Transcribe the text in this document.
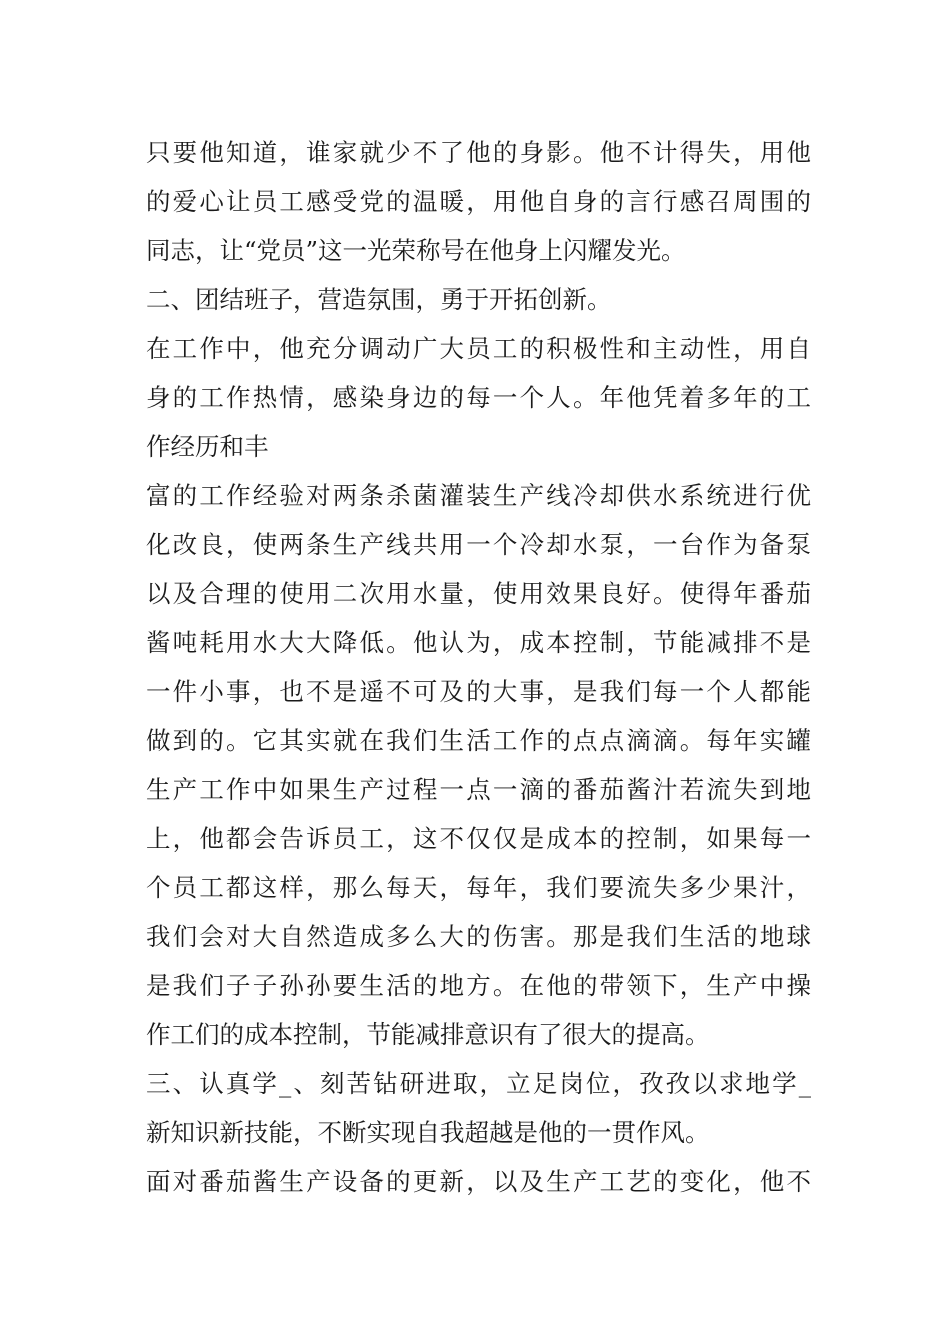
只要他知道，谁家就少不了他的身影。他不计得失，用他
的爱心让员工感受党的温暖，用他自身的言行感召周围的
同志，让“党员”这一光荣称号在他身上闪耀发光。
二、团结班子，营造氛围，勇于开拓创新。
在工作中，他充分调动广大员工的积极性和主动性，用自
身的工作热情，感染身边的每一个人。年他凭着多年的工
作经历和丰
富的工作经验对两条杀菌灌装生产线冷却供水系统进行优
化改良，使两条生产线共用一个冷却水泵，一台作为备泵
以及合理的使用二次用水量，使用效果良好。使得年番茄
酱吨耗用水大大降低。他认为，成本控制，节能减排不是
一件小事，也不是遥不可及的大事，是我们每一个人都能
做到的。它其实就在我们生活工作的点点滴滴。每年实罐
生产工作中如果生产过程一点一滴的番茄酱汁若流失到地
上，他都会告诉员工，这不仅仅是成本的控制，如果每一
个员工都这样，那么每天，每年，我们要流失多少果汁，
我们会对大自然造成多么大的伤害。那是我们生活的地球
是我们子子孙孙要生活的地方。在他的带领下，生产中操
作工们的成本控制，节能减排意识有了很大的提高。
三、认真学_、刻苦钻研进取，立足岗位，孜孜以求地学_
新知识新技能，不断实现自我超越是他的一贯作风。
面对番茄酱生产设备的更新，以及生产工艺的变化，他不
